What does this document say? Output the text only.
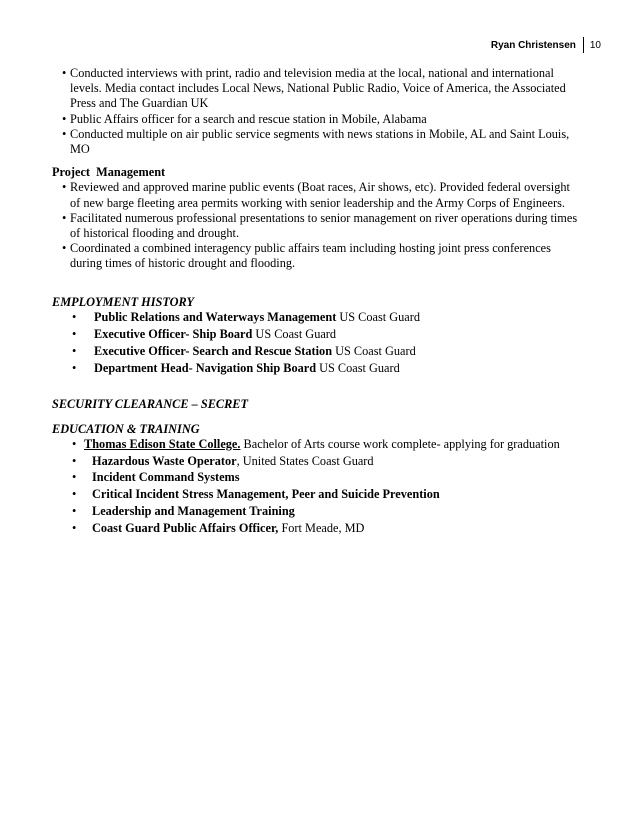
Ryan Christensen 10
• Conducted interviews with print, radio and television media at the local, national and international levels. Media contact includes Local News, National Public Radio, Voice of America, the Associated Press and The Guardian UK
• Public Affairs officer for a search and rescue station in Mobile, Alabama
• Conducted multiple on air public service segments with news stations in Mobile, AL and Saint Louis, MO
Project  Management
• Reviewed and approved marine public events (Boat races, Air shows, etc). Provided federal oversight of new barge fleeting area permits working with senior leadership and the Army Corps of Engineers.
• Facilitated numerous professional presentations to senior management on river operations during times of historical flooding and drought.
• Coordinated a combined interagency public affairs team including hosting joint press conferences during times of historic drought and flooding.
EMPLOYMENT HISTORY
• Public Relations and Waterways Management US Coast Guard
• Executive Officer- Ship Board US Coast Guard
• Executive Officer- Search and Rescue Station US Coast Guard
• Department Head- Navigation Ship Board US Coast Guard
SECURITY CLEARANCE – SECRET
EDUCATION & TRAINING
• Thomas Edison State College. Bachelor of Arts course work complete- applying for graduation
• Hazardous Waste Operator, United States Coast Guard
• Incident Command Systems
• Critical Incident Stress Management, Peer and Suicide Prevention
• Leadership and Management Training
• Coast Guard Public Affairs Officer, Fort Meade, MD
